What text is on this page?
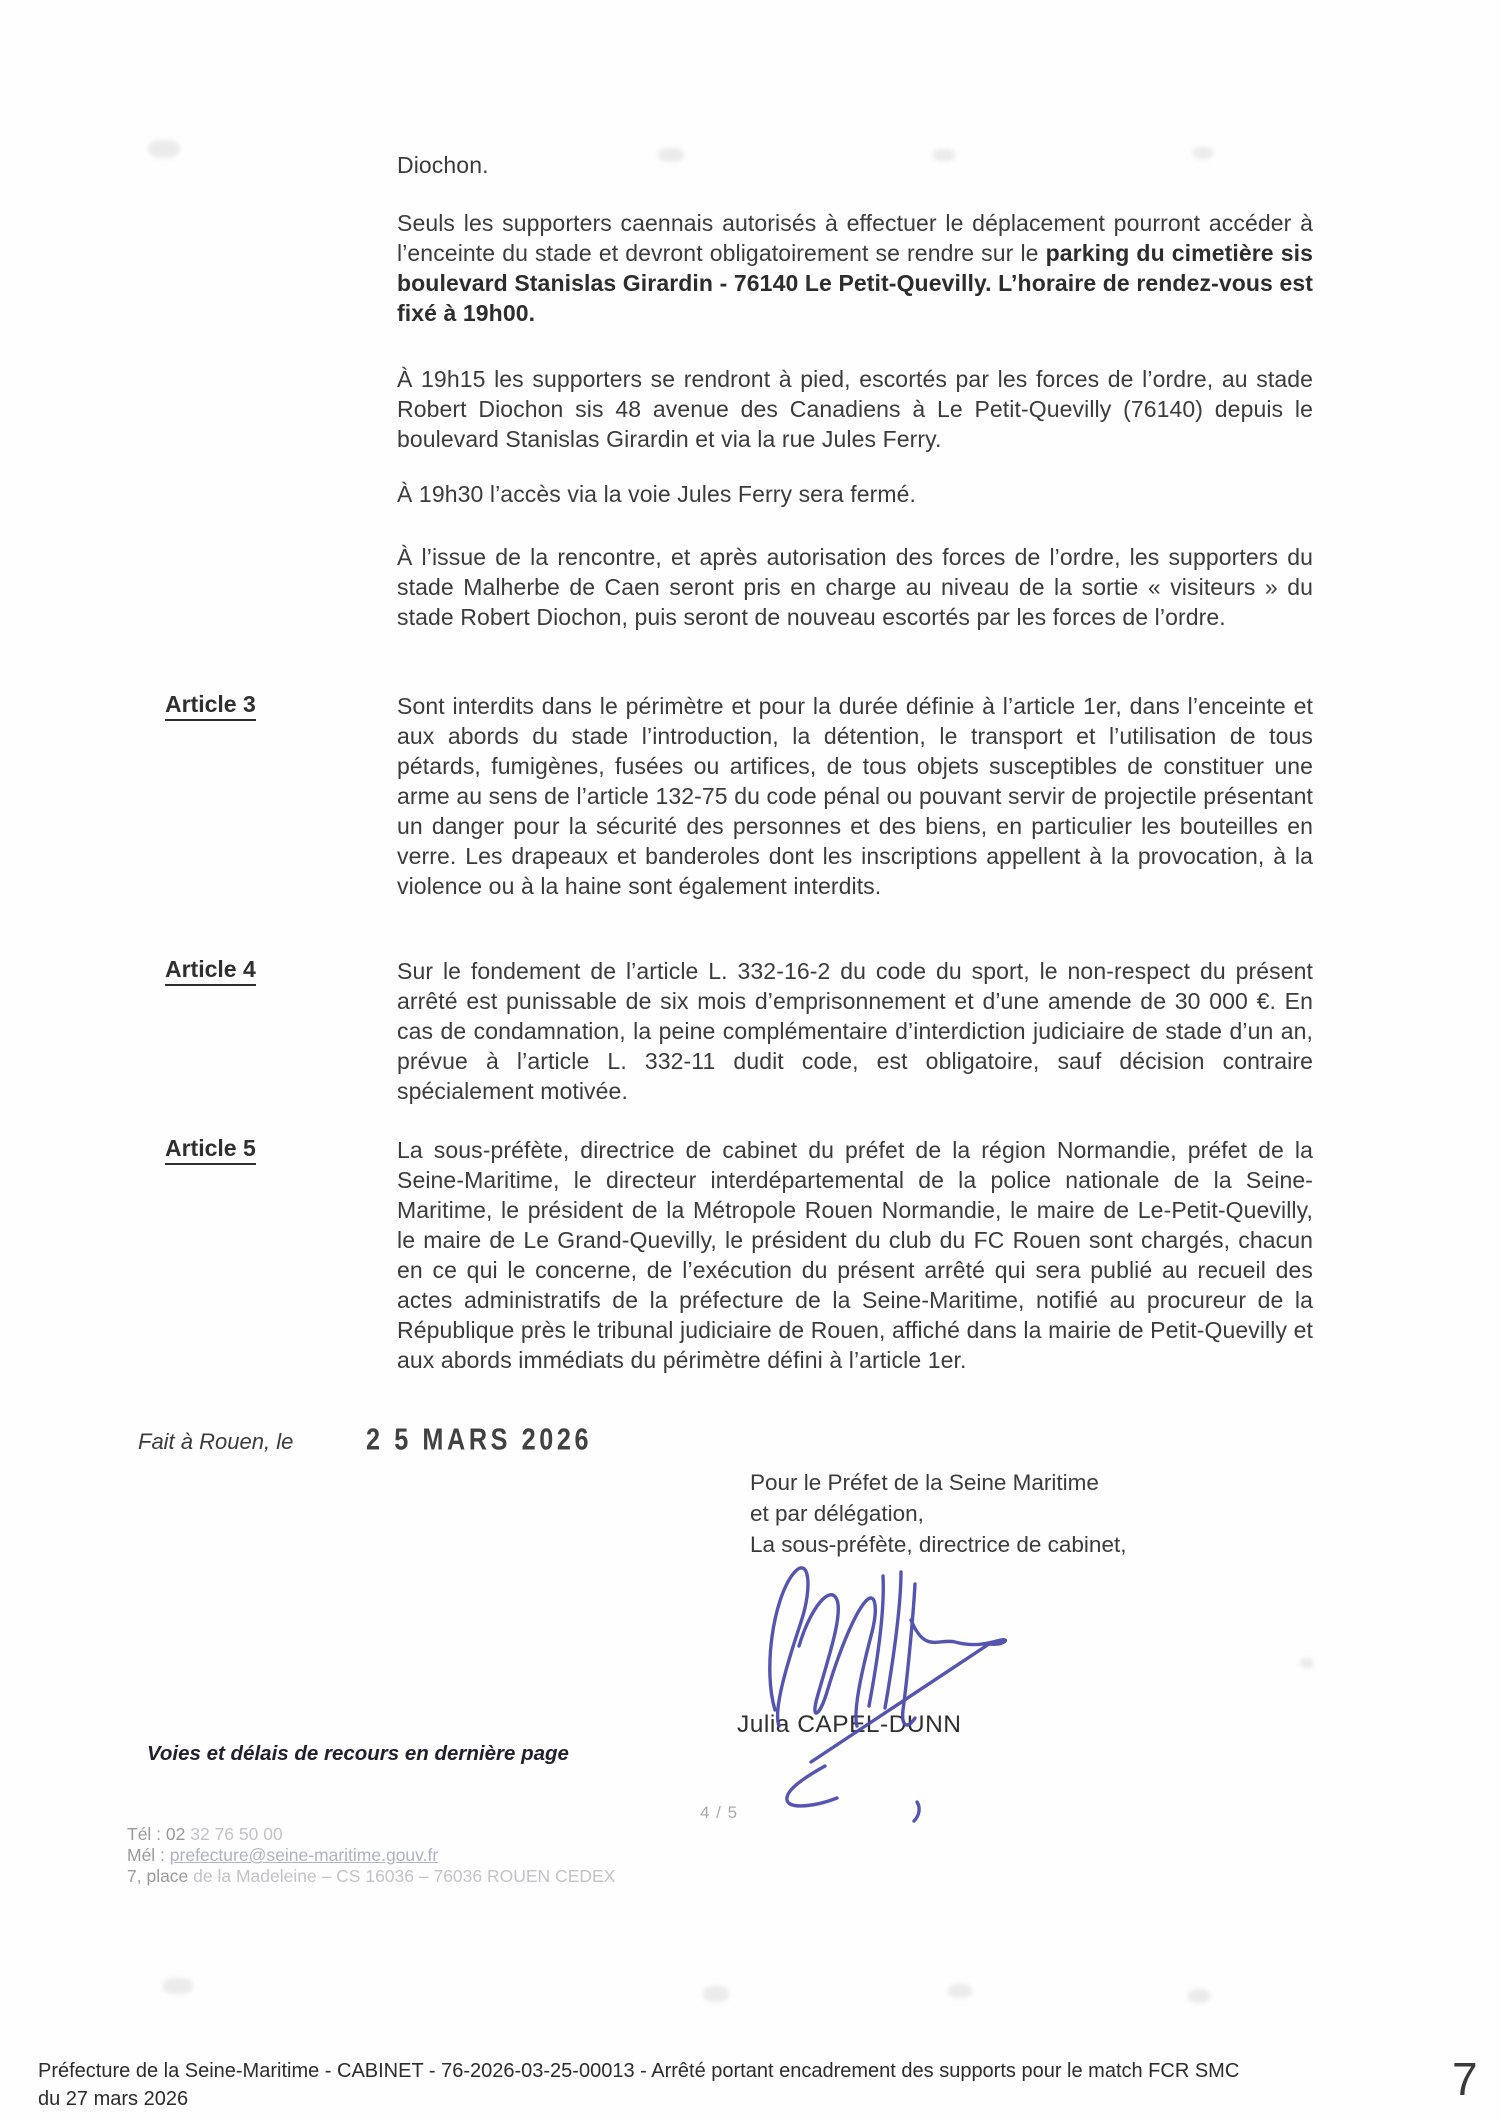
Diochon.
Seuls les supporters caennais autorisés à effectuer le déplacement pourront accéder à l’enceinte du stade et devront obligatoirement se rendre sur le parking du cimetière sis boulevard Stanislas Girardin - 76140 Le Petit-Quevilly. L’horaire de rendez-vous est fixé à 19h00.
À 19h15 les supporters se rendront à pied, escortés par les forces de l’ordre, au stade Robert Diochon sis 48 avenue des Canadiens à Le Petit-Quevilly (76140) depuis le boulevard Stanislas Girardin et via la rue Jules Ferry.
À 19h30 l’accès via la voie Jules Ferry sera fermé.
À l’issue de la rencontre, et après autorisation des forces de l’ordre, les supporters du stade Malherbe de Caen seront pris en charge au niveau de la sortie « visiteurs » du stade Robert Diochon, puis seront de nouveau escortés par les forces de l’ordre.
Article 3	Sont interdits dans le périmètre et pour la durée définie à l’article 1er, dans l’enceinte et aux abords du stade l’introduction, la détention, le transport et l’utilisation de tous pétards, fumigènes, fusées ou artifices, de tous objets susceptibles de constituer une arme au sens de l’article 132-75 du code pénal ou pouvant servir de projectile présentant un danger pour la sécurité des personnes et des biens, en particulier les bouteilles en verre. Les drapeaux et banderoles dont les inscriptions appellent à la provocation, à la violence ou à la haine sont également interdits.
Article 4	Sur le fondement de l’article L. 332-16-2 du code du sport, le non-respect du présent arrêté est punissable de six mois d’emprisonnement et d’une amende de 30 000 €. En cas de condamnation, la peine complémentaire d’interdiction judiciaire de stade d’un an, prévue à l’article L. 332-11 dudit code, est obligatoire, sauf décision contraire spécialement motivée.
Article 5	La sous-préfète, directrice de cabinet du préfet de la région Normandie, préfet de la Seine-Maritime, le directeur interdépartemental de la police nationale de la Seine-Maritime, le président de la Métropole Rouen Normandie, le maire de Le-Petit-Quevilly, le maire de Le Grand-Quevilly, le président du club du FC Rouen sont chargés, chacun en ce qui le concerne, de l’exécution du présent arrêté qui sera publié au recueil des actes administratifs de la préfecture de la Seine-Maritime, notifié au procureur de la République près le tribunal judiciaire de Rouen, affiché dans la mairie de Petit-Quevilly et aux abords immédiats du périmètre défini à l’article 1er.
Fait à Rouen, le	2 5 MARS 2026
Pour le Préfet de la Seine Maritime
et par délégation,
La sous-préfète, directrice de cabinet,
Julia CAPEL-DUNN
Voies et délais de recours en dernière page
4 / 5
Tél : 02 32 76 50 00
Mél : prefecture@seine-maritime.gouv.fr
7, place de la Madeleine – CS 16036 – 76036 ROUEN CEDEX
Préfecture de la Seine-Maritime - CABINET - 76-2026-03-25-00013 - Arrêté portant encadrement des supports pour le match FCR SMC
du 27 mars 2026	7
